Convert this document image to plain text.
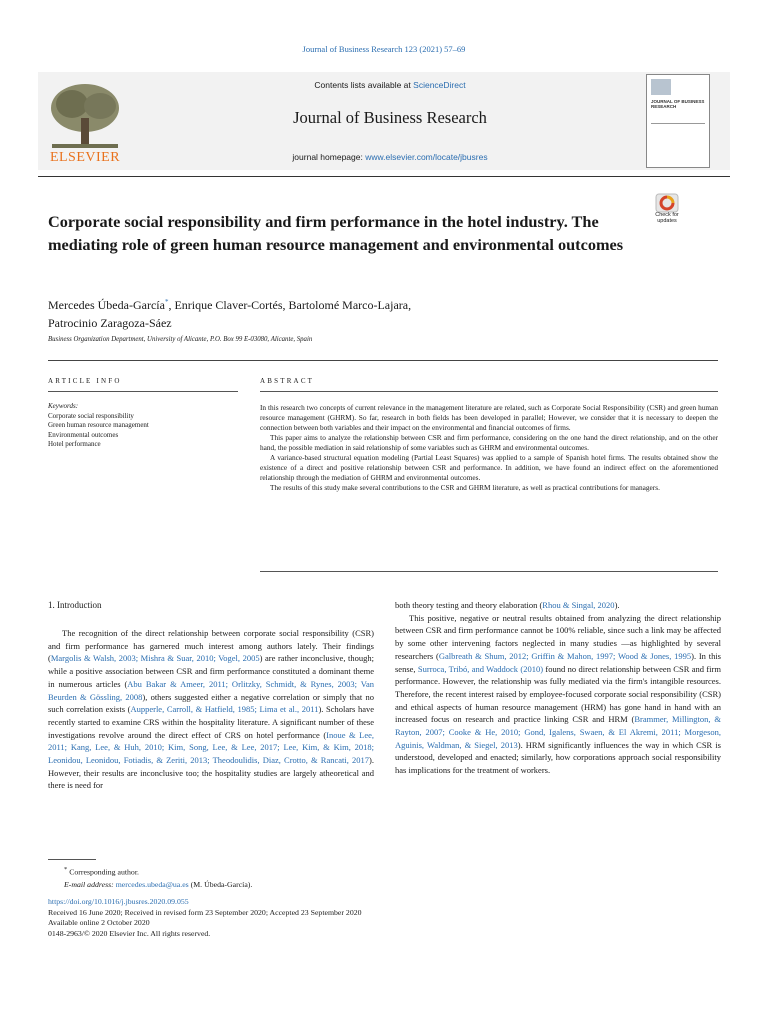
Journal of Business Research 123 (2021) 57–69
ELSEVIER
Contents lists available at ScienceDirect
Journal of Business Research
journal homepage: www.elsevier.com/locate/jbusres
JOURNAL OF BUSINESS RESEARCH
Check for updates
Corporate social responsibility and firm performance in the hotel industry. The mediating role of green human resource management and environmental outcomes
Mercedes Úbeda-García*, Enrique Claver-Cortés, Bartolomé Marco-Lajara,
Patrocinio Zaragoza-Sáez
Business Organization Department, University of Alicante, P.O. Box 99 E-03080, Alicante, Spain
ARTICLE INFO
Keywords:
Corporate social responsibility
Green human resource management
Environmental outcomes
Hotel performance
ABSTRACT

In this research two concepts of current relevance in the management literature are related, such as Corporate Social Responsibility (CSR) and green human resource management (GHRM). So far, research in both fields has been developed in parallel; However, we consider that it is necessary to deepen the connection between both variables and their impact on the environmental and financial outcomes of firms.

This paper aims to analyze the relationship between CSR and firm performance, considering on the one hand the direct relationship, and on the other hand, the possible mediation in said relationship of some variables such as GHRM and environmental outcomes.

A variance-based structural equation modeling (Partial Least Squares) was applied to a sample of Spanish hotel firms. The results obtained show the existence of a direct and positive relationship between CSR and performance. In addition, we have found an indirect effect on the aforementioned relationship through the mediation of GHRM and environmental outcomes.

The results of this study make several contributions to the CSR and GHRM literature, as well as practical contributions for managers.

1. Introduction

The recognition of the direct relationship between corporate social responsibility (CSR) and firm performance has garnered much interest among authors lately. Their findings (Margolis & Walsh, 2003; Mishra & Suar, 2010; Vogel, 2005) are rather inconclusive, though; while a positive association between CSR and firm performance constituted a dominant theme in numerous articles (Abu Bakar & Ameer, 2011; Orlitzky, Schmidt, & Rynes, 2003; Van Beurden & Gössling, 2008), others suggested either a negative correlation or simply that no such correlation exists (Aupperle, Carroll, & Hatfield, 1985; Lima et al., 2011). Scholars have recently started to examine CRS within the hospitality literature. A significant number of these investigations revolve around the direct effect of CRS on hotel performance (Inoue & Lee, 2011; Kang, Lee, & Huh, 2010; Kim, Song, Lee, & Lee, 2017; Lee, Kim, & Kim, 2018; Leonidou, Leonidou, Fotiadis, & Zeriti, 2013; Theodoulidis, Diaz, Crotto, & Rancati, 2017). However, their results are inconclusive too; the hospitality studies are largely atheoretical and there is need for

both theory testing and theory elaboration (Rhou & Singal, 2020).

This positive, negative or neutral results obtained from analyzing the direct relationship between CSR and firm performance cannot be 100% reliable, since such a link may be affected by some other intervening factors neglected in many studies —as highlighted by several researchers (Galbreath & Shum, 2012; Griffin & Mahon, 1997; Wood & Jones, 1995). In this sense, Surroca, Tribó, and Waddock (2010) found no direct relationship between CSR and firm performance. However, the relationship was fully mediated via the firm's intangible resources. Therefore, the recent interest raised by employee-focused corporate social responsibility (CSR) and ethical aspects of human resource management (HRM) has gone hand in hand with an increased focus on research and practice linking CSR and HRM (Brammer, Millington, & Rayton, 2007; Cooke & He, 2010; Gond, Igalens, Swaen, & El Akremi, 2011; Morgeson, Aguinis, Waldman, & Siegel, 2013). HRM significantly influences the way in which CSR is understood, developed and enacted; similarly, how corporations approach social responsibility has implications for the treatment of workers.

* Corresponding author.
E-mail address: mercedes.ubeda@ua.es (M. Úbeda-García).
https://doi.org/10.1016/j.jbusres.2020.09.055
Received 16 June 2020; Received in revised form 23 September 2020; Accepted 23 September 2020
Available online 2 October 2020
0148-2963/© 2020 Elsevier Inc. All rights reserved.
